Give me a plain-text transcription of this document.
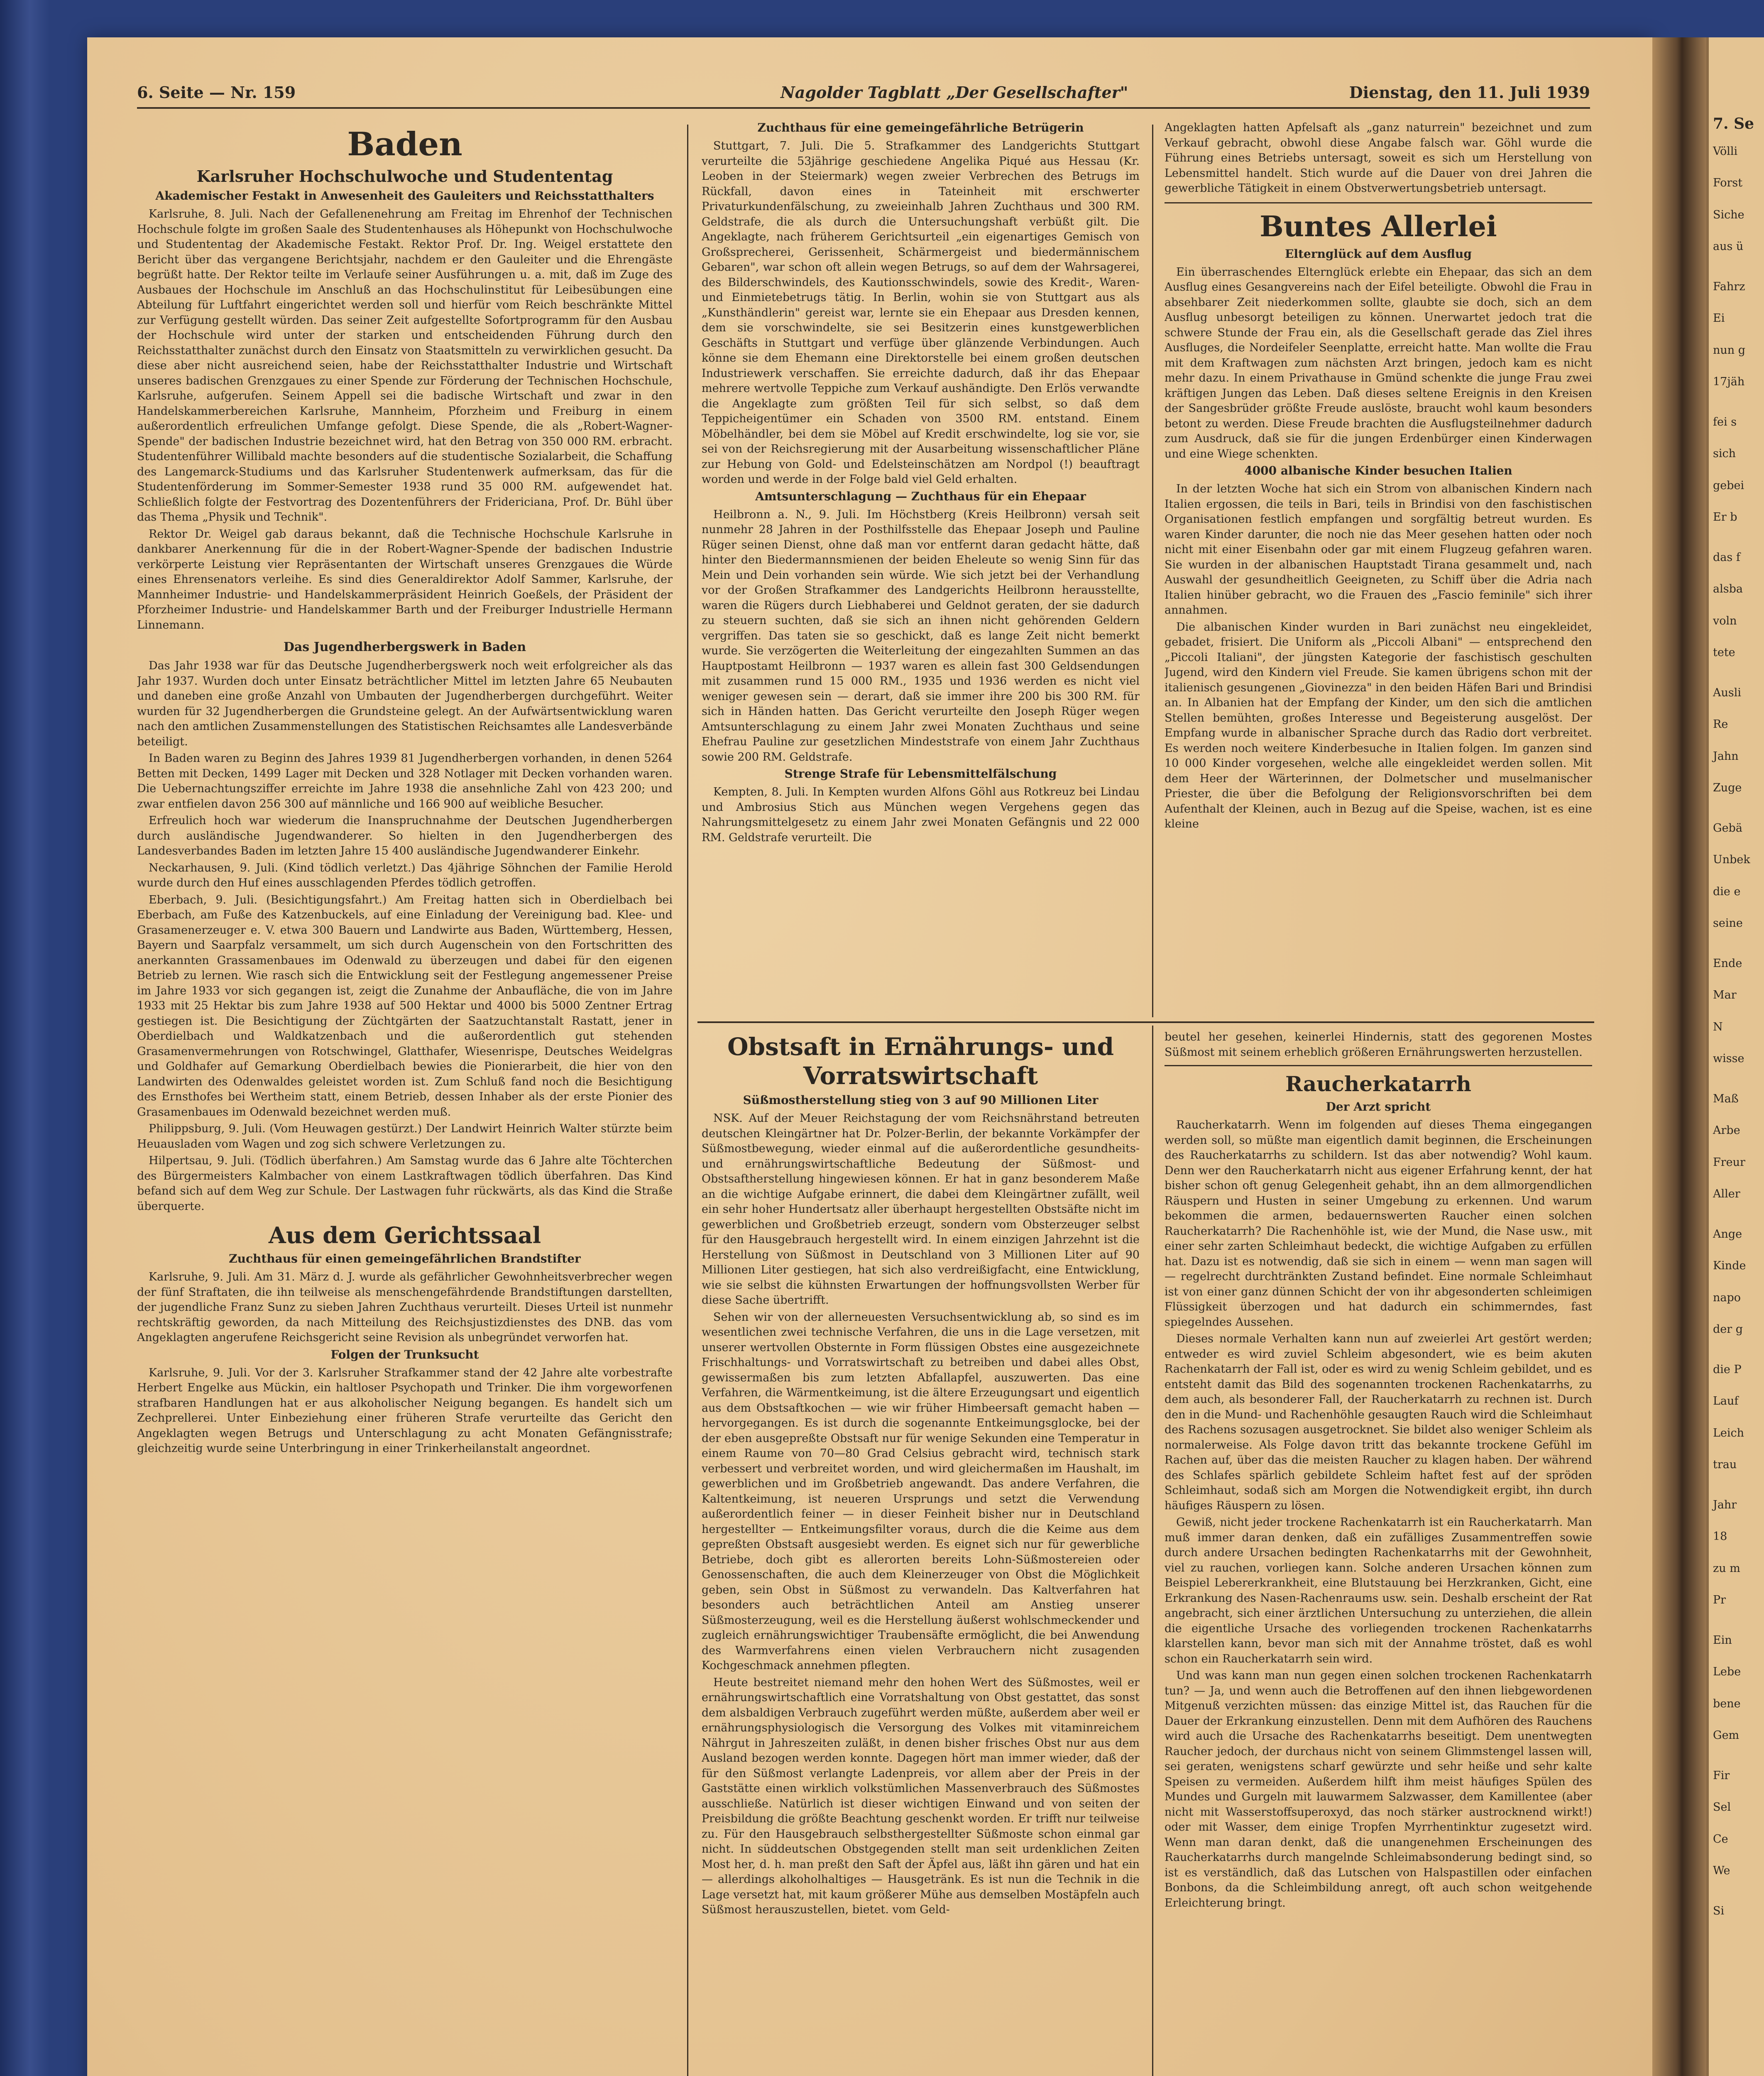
7. Se
Völli
Forst
Siche
aus ü
Fahrz
Ei
nun g
17jäh
fei s
sich
gebei
Er b
das f
alsba
voln
tete
Ausli
Re
Jahn
Zuge
Gebä
Unbek
die e
seine
Ende
Mar
N
wisse
Maß
Arbe
Freur
Aller
Ange
Kinde
napo
der g
die P
Lauf
Leich
trau
Jahr
18
zu m
Pr
Ein
Lebe
bene
Gem
Fir
Sel
Ce
We
Si
6. Seite — Nr. 159	Nagolder Tagblatt „Der Gesellschafter"	Dienstag, den 11. Juli 1939
Baden
Karlsruher Hochschulwoche und Studententag
Akademischer Festakt in Anwesenheit des Gauleiters und Reichsstatthalters

Karlsruhe, 8. Juli. Nach der Gefallenenehrung am Freitag im Ehrenhof der Technischen Hochschule folgte im großen Saale des Studentenhauses als Höhepunkt von Hochschulwoche und Studententag der Akademische Festakt. Rektor Prof. Dr. Ing. Weigel erstattete den Bericht über das vergangene Berichtsjahr, nachdem er den Gauleiter und die Ehrengäste begrüßt hatte. Der Rektor teilte im Verlaufe seiner Ausführungen u. a. mit, daß im Zuge des Ausbaues der Hochschule im Anschluß an das Hochschulinstitut für Leibesübungen eine Abteilung für Luftfahrt eingerichtet werden soll und hierfür vom Reich beschränkte Mittel zur Verfügung gestellt würden. Das seiner Zeit aufgestellte Sofortprogramm für den Ausbau der Hochschule wird unter der starken und entscheidenden Führung durch den Reichsstatthalter zunächst durch den Einsatz von Staatsmitteln zu verwirklichen gesucht. Da diese aber nicht ausreichend seien, habe der Reichsstatthalter Industrie und Wirtschaft unseres badischen Grenzgaues zu einer Spende zur Förderung der Technischen Hochschule, Karlsruhe, aufgerufen. Seinem Appell sei die badische Wirtschaft und zwar in den Handelskammerbereichen Karlsruhe, Mannheim, Pforzheim und Freiburg in einem außerordentlich erfreulichen Umfange gefolgt. Diese Spende, die als „Robert-Wagner-Spende" der badischen Industrie bezeichnet wird, hat den Betrag von 350 000 RM. erbracht. Studentenführer Willibald machte besonders auf die studentische Sozialarbeit, die Schaffung des Langemarck-Studiums und das Karlsruher Studentenwerk aufmerksam, das für die Studentenförderung im Sommer-Semester 1938 rund 35 000 RM. aufgewendet hat. Schließlich folgte der Festvortrag des Dozentenführers der Fridericiana, Prof. Dr. Bühl über das Thema „Physik und Technik".

Rektor Dr. Weigel gab daraus bekannt, daß die Technische Hochschule Karlsruhe in dankbarer Anerkennung für die in der Robert-Wagner-Spende der badischen Industrie verkörperte Leistung vier Repräsentanten der Wirtschaft unseres Grenzgaues die Würde eines Ehrensenators verleihe. Es sind dies Generaldirektor Adolf Sammer, Karlsruhe, der Mannheimer Industrie- und Handelskammerpräsident Heinrich Goeßels, der Präsident der Pforzheimer Industrie- und Handelskammer Barth und der Freiburger Industrielle Hermann Linnemann.

Das Jugendherbergswerk in Baden

Das Jahr 1938 war für das Deutsche Jugendherbergswerk noch weit erfolgreicher als das Jahr 1937. Wurden doch unter Einsatz beträchtlicher Mittel im letzten Jahre 65 Neubauten und daneben eine große Anzahl von Umbauten der Jugendherbergen durchgeführt. Weiter wurden für 32 Jugendherbergen die Grundsteine gelegt. An der Aufwärtsentwicklung waren nach den amtlichen Zusammenstellungen des Statistischen Reichsamtes alle Landesverbände beteiligt.

In Baden waren zu Beginn des Jahres 1939 81 Jugendherbergen vorhanden, in denen 5264 Betten mit Decken, 1499 Lager mit Decken und 328 Notlager mit Decken vorhanden waren. Die Uebernachtungsziffer erreichte im Jahre 1938 die ansehnliche Zahl von 423 200; und zwar entfielen davon 256 300 auf männliche und 166 900 auf weibliche Besucher.

Erfreulich hoch war wiederum die Inanspruchnahme der Deutschen Jugendherbergen durch ausländische Jugendwanderer. So hielten in den Jugendherbergen des Landesverbandes Baden im letzten Jahre 15 400 ausländische Jugendwanderer Einkehr.

Neckarhausen, 9. Juli. (Kind tödlich verletzt.) Das 4jährige Söhnchen der Familie Herold wurde durch den Huf eines ausschlagenden Pferdes tödlich getroffen.

Eberbach, 9. Juli. (Besichtigungsfahrt.) Am Freitag hatten sich in Oberdielbach bei Eberbach, am Fuße des Katzenbuckels, auf eine Einladung der Vereinigung bad. Klee- und Grasamenerzeuger e. V. etwa 300 Bauern und Landwirte aus Baden, Württemberg, Hessen, Bayern und Saarpfalz versammelt, um sich durch Augenschein von den Fortschritten des anerkannten Grassamenbaues im Odenwald zu überzeugen und dabei für den eigenen Betrieb zu lernen. Wie rasch sich die Entwicklung seit der Festlegung angemessener Preise im Jahre 1933 vor sich gegangen ist, zeigt die Zunahme der Anbaufläche, die von im Jahre 1933 mit 25 Hektar bis zum Jahre 1938 auf 500 Hektar und 4000 bis 5000 Zentner Ertrag gestiegen ist. Die Besichtigung der Züchtgärten der Saatzuchtanstalt Rastatt, jener in Oberdielbach und Waldkatzenbach und die außerordentlich gut stehenden Grasamenvermehrungen von Rotschwingel, Glatthafer, Wiesenrispe, Deutsches Weidelgras und Goldhafer auf Gemarkung Oberdielbach bewies die Pionierarbeit, die hier von den Landwirten des Odenwaldes geleistet worden ist. Zum Schluß fand noch die Besichtigung des Ernsthofes bei Wertheim statt, einem Betrieb, dessen Inhaber als der erste Pionier des Grasamenbaues im Odenwald bezeichnet werden muß.

Philippsburg, 9. Juli. (Vom Heuwagen gestürzt.) Der Landwirt Heinrich Walter stürzte beim Heuausladen vom Wagen und zog sich schwere Verletzungen zu.

Hilpertsau, 9. Juli. (Tödlich überfahren.) Am Samstag wurde das 6 Jahre alte Töchterchen des Bürgermeisters Kalmbacher von einem Lastkraftwagen tödlich überfahren. Das Kind befand sich auf dem Weg zur Schule. Der Lastwagen fuhr rückwärts, als das Kind die Straße überquerte.

Aus dem Gerichtssaal
Zuchthaus für einen gemeingefährlichen Brandstifter

Karlsruhe, 9. Juli. Am 31. März d. J. wurde als gefährlicher Gewohnheitsverbrecher wegen der fünf Straftaten, die ihn teilweise als menschengefährdende Brandstiftungen darstellten, der jugendliche Franz Sunz zu sieben Jahren Zuchthaus verurteilt. Dieses Urteil ist nunmehr rechtskräftig geworden, da nach Mitteilung des Reichsjustizdienstes des DNB. das vom Angeklagten angerufene Reichsgericht seine Revision als unbegründet verworfen hat.

Folgen der Trunksucht

Karlsruhe, 9. Juli. Vor der 3. Karlsruher Strafkammer stand der 42 Jahre alte vorbestrafte Herbert Engelke aus Mückin, ein haltloser Psychopath und Trinker. Die ihm vorgeworfenen strafbaren Handlungen hat er aus alkoholischer Neigung begangen. Es handelt sich um Zechprellerei. Unter Einbeziehung einer früheren Strafe verurteilte das Gericht den Angeklagten wegen Betrugs und Unterschlagung zu acht Monaten Gefängnisstrafe; gleichzeitig wurde seine Unterbringung in einer Trinkerheilanstalt angeordnet.

Zuchthaus für eine gemeingefährliche Betrügerin

Stuttgart, 7. Juli. Die 5. Strafkammer des Landgerichts Stuttgart verurteilte die 53jährige geschiedene Angelika Piqué aus Hessau (Kr. Leoben in der Steiermark) wegen zweier Verbrechen des Betrugs im Rückfall, davon eines in Tateinheit mit erschwerter Privaturkundenfälschung, zu zweieinhalb Jahren Zuchthaus und 300 RM. Geldstrafe, die als durch die Untersuchungshaft verbüßt gilt. Die Angeklagte, nach früherem Gerichtsurteil „ein eigenartiges Gemisch von Großsprecherei, Gerissenheit, Schärmergeist und biedermännischem Gebaren", war schon oft allein wegen Betrugs, so auf dem der Wahrsagerei, des Bilderschwindels, des Kautionsschwindels, sowie des Kredit-, Waren- und Einmietebetrugs tätig. In Berlin, wohin sie von Stuttgart aus als „Kunsthändlerin" gereist war, lernte sie ein Ehepaar aus Dresden kennen, dem sie vorschwindelte, sie sei Besitzerin eines kunstgewerblichen Geschäfts in Stuttgart und verfüge über glänzende Verbindungen. Auch könne sie dem Ehemann eine Direktorstelle bei einem großen deutschen Industriewerk verschaffen. Sie erreichte dadurch, daß ihr das Ehepaar mehrere wertvolle Teppiche zum Verkauf aushändigte. Den Erlös verwandte die Angeklagte zum größten Teil für sich selbst, so daß dem Teppicheigentümer ein Schaden von 3500 RM. entstand. Einem Möbelhändler, bei dem sie Möbel auf Kredit erschwindelte, log sie vor, sie sei von der Reichsregierung mit der Ausarbeitung wissenschaftlicher Pläne zur Hebung von Gold- und Edelsteinschätzen am Nordpol (!) beauftragt worden und werde in der Folge bald viel Geld erhalten.

Amtsunterschlagung — Zuchthaus für ein Ehepaar

Heilbronn a. N., 9. Juli. Im Höchstberg (Kreis Heilbronn) versah seit nunmehr 28 Jahren in der Posthilfsstelle das Ehepaar Joseph und Pauline Rüger seinen Dienst, ohne daß man vor entfernt daran gedacht hätte, daß hinter den Biedermannsmienen der beiden Eheleute so wenig Sinn für das Mein und Dein vorhanden sein würde. Wie sich jetzt bei der Verhandlung vor der Großen Strafkammer des Landgerichts Heilbronn herausstellte, waren die Rügers durch Liebhaberei und Geldnot geraten, der sie dadurch zu steuern suchten, daß sie sich an ihnen nicht gehörenden Geldern vergriffen. Das taten sie so geschickt, daß es lange Zeit nicht bemerkt wurde. Sie verzögerten die Weiterleitung der eingezahlten Summen an das Hauptpostamt Heilbronn — 1937 waren es allein fast 300 Geldsendungen mit zusammen rund 15 000 RM., 1935 und 1936 werden es nicht viel weniger gewesen sein — derart, daß sie immer ihre 200 bis 300 RM. für sich in Händen hatten. Das Gericht verurteilte den Joseph Rüger wegen Amtsunterschlagung zu einem Jahr zwei Monaten Zuchthaus und seine Ehefrau Pauline zur gesetzlichen Mindeststrafe von einem Jahr Zuchthaus sowie 200 RM. Geldstrafe.

Strenge Strafe für Lebensmittelfälschung

Kempten, 8. Juli. In Kempten wurden Alfons Göhl aus Rotkreuz bei Lindau und Ambrosius Stich aus München wegen Vergehens gegen das Nahrungsmittelgesetz zu einem Jahr zwei Monaten Gefängnis und 22 000 RM. Geldstrafe verurteilt. Die

Angeklagten hatten Apfelsaft als „ganz naturrein" bezeichnet und zum Verkauf gebracht, obwohl diese Angabe falsch war. Göhl wurde die Führung eines Betriebs untersagt, soweit es sich um Herstellung von Lebensmittel handelt. Stich wurde auf die Dauer von drei Jahren die gewerbliche Tätigkeit in einem Obstverwertungsbetrieb untersagt.

Buntes Allerlei
Elternglück auf dem Ausflug

Ein überraschendes Elternglück erlebte ein Ehepaar, das sich an dem Ausflug eines Gesangvereins nach der Eifel beteiligte. Obwohl die Frau in absehbarer Zeit niederkommen sollte, glaubte sie doch, sich an dem Ausflug unbesorgt beteiligen zu können. Unerwartet jedoch trat die schwere Stunde der Frau ein, als die Gesellschaft gerade das Ziel ihres Ausfluges, die Nordeifeler Seenplatte, erreicht hatte. Man wollte die Frau mit dem Kraftwagen zum nächsten Arzt bringen, jedoch kam es nicht mehr dazu. In einem Privathause in Gmünd schenkte die junge Frau zwei kräftigen Jungen das Leben. Daß dieses seltene Ereignis in den Kreisen der Sangesbrüder größte Freude auslöste, braucht wohl kaum besonders betont zu werden. Diese Freude brachten die Ausflugsteilnehmer dadurch zum Ausdruck, daß sie für die jungen Erdenbürger einen Kinderwagen und eine Wiege schenkten.

4000 albanische Kinder besuchen Italien

In der letzten Woche hat sich ein Strom von albanischen Kindern nach Italien ergossen, die teils in Bari, teils in Brindisi von den faschistischen Organisationen festlich empfangen und sorgfältig betreut wurden. Es waren Kinder darunter, die noch nie das Meer gesehen hatten oder noch nicht mit einer Eisenbahn oder gar mit einem Flugzeug gefahren waren. Sie wurden in der albanischen Hauptstadt Tirana gesammelt und, nach Auswahl der gesundheitlich Geeigneten, zu Schiff über die Adria nach Italien hinüber gebracht, wo die Frauen des „Fascio feminile" sich ihrer annahmen.

Die albanischen Kinder wurden in Bari zunächst neu eingekleidet, gebadet, frisiert. Die Uniform als „Piccoli Albani" — entsprechend den „Piccoli Italiani", der jüngsten Kategorie der faschistisch geschulten Jugend, wird den Kindern viel Freude. Sie kamen übrigens schon mit der italienisch gesungenen „Giovinezza" in den beiden Häfen Bari und Brindisi an. In Albanien hat der Empfang der Kinder, um den sich die amtlichen Stellen bemühten, großes Interesse und Begeisterung ausgelöst. Der Empfang wurde in albanischer Sprache durch das Radio dort verbreitet. Es werden noch weitere Kinderbesuche in Italien folgen. Im ganzen sind 10 000 Kinder vorgesehen, welche alle eingekleidet werden sollen. Mit dem Heer der Wärterinnen, der Dolmetscher und muselmanischer Priester, die über die Befolgung der Religionsvorschriften bei dem Aufenthalt der Kleinen, auch in Bezug auf die Speise, wachen, ist es eine kleine

Obstsaft in Ernährungs- und Vorratswirtschaft
Süßmostherstellung stieg von 3 auf 90 Millionen Liter

NSK. Auf der Meuer Reichstagung der vom Reichsnährstand betreuten deutschen Kleingärtner hat Dr. Polzer-Berlin, der bekannte Vorkämpfer der Süßmostbewegung, wieder einmal auf die außerordentliche gesundheits- und ernährungswirtschaftliche Bedeutung der Süßmost- und Obstsaftherstellung hingewiesen können. Er hat in ganz besonderem Maße an die wichtige Aufgabe erinnert, die dabei dem Kleingärtner zufällt, weil ein sehr hoher Hundertsatz aller überhaupt hergestellten Obstsäfte nicht im gewerblichen und Großbetrieb erzeugt, sondern vom Obsterzeuger selbst für den Hausgebrauch hergestellt wird. In einem einzigen Jahrzehnt ist die Herstellung von Süßmost in Deutschland von 3 Millionen Liter auf 90 Millionen Liter gestiegen, hat sich also verdreißigfacht, eine Entwicklung, wie sie selbst die kühnsten Erwartungen der hoffnungsvollsten Werber für diese Sache übertrifft.

Sehen wir von der allerneuesten Versuchsentwicklung ab, so sind es im wesentlichen zwei technische Verfahren, die uns in die Lage versetzen, mit unserer wertvollen Obsternte in Form flüssigen Obstes eine ausgezeichnete Frischhaltungs- und Vorratswirtschaft zu betreiben und dabei alles Obst, gewissermaßen bis zum letzten Abfallapfel, auszuwerten. Das eine Verfahren, die Wärmentkeimung, ist die ältere Erzeugungsart und eigentlich aus dem Obstsaftkochen — wie wir früher Himbeersaft gemacht haben — hervorgegangen. Es ist durch die sogenannte Entkeimungsglocke, bei der der eben ausgepreßte Obstsaft nur für wenige Sekunden eine Temperatur in einem Raume von 70—80 Grad Celsius gebracht wird, technisch stark verbessert und verbreitet worden, und wird gleichermaßen im Haushalt, im gewerblichen und im Großbetrieb angewandt. Das andere Verfahren, die Kaltentkeimung, ist neueren Ursprungs und setzt die Verwendung außerordentlich feiner — in dieser Feinheit bisher nur in Deutschland hergestellter — Entkeimungsfilter voraus, durch die die Keime aus dem gepreßten Obstsaft ausgesiebt werden. Es eignet sich nur für gewerbliche Betriebe, doch gibt es allerorten bereits Lohn-Süßmostereien oder Genossenschaften, die auch dem Kleinerzeuger von Obst die Möglichkeit geben, sein Obst in Süßmost zu verwandeln. Das Kaltverfahren hat besonders auch beträchtlichen Anteil am Anstieg unserer Süßmosterzeugung, weil es die Herstellung äußerst wohlschmeckender und zugleich ernährungswichtiger Traubensäfte ermöglicht, die bei Anwendung des Warmverfahrens einen vielen Verbrauchern nicht zusagenden Kochgeschmack annehmen pflegten.

Heute bestreitet niemand mehr den hohen Wert des Süßmostes, weil er ernährungswirtschaftlich eine Vorratshaltung von Obst gestattet, das sonst dem alsbaldigen Verbrauch zugeführt werden müßte, außerdem aber weil er ernährungsphysiologisch die Versorgung des Volkes mit vitaminreichem Nährgut in Jahreszeiten zuläßt, in denen bisher frisches Obst nur aus dem Ausland bezogen werden konnte. Dagegen hört man immer wieder, daß der für den Süßmost verlangte Ladenpreis, vor allem aber der Preis in der Gaststätte einen wirklich volkstümlichen Massenverbrauch des Süßmostes ausschließe. Natürlich ist dieser wichtigen Einwand und von seiten der Preisbildung die größte Beachtung geschenkt worden. Er trifft nur teilweise zu. Für den Hausgebrauch selbsthergestellter Süßmoste schon einmal gar nicht. In süddeutschen Obstgegenden stellt man seit urdenklichen Zeiten Most her, d. h. man preßt den Saft der Äpfel aus, läßt ihn gären und hat ein — allerdings alkoholhaltiges — Hausgetränk. Es ist nun die Technik in die Lage versetzt hat, mit kaum größerer Mühe aus demselben Mostäpfeln auch Süßmost herauszustellen, bietet. vom Geld-

beutel her gesehen, keinerlei Hindernis, statt des gegorenen Mostes Süßmost mit seinem erheblich größeren Ernährungswerten herzustellen.

Raucherkatarrh
Der Arzt spricht

Raucherkatarrh. Wenn im folgenden auf dieses Thema eingegangen werden soll, so müßte man eigentlich damit beginnen, die Erscheinungen des Raucherkatarrhs zu schildern. Ist das aber notwendig? Wohl kaum. Denn wer den Raucherkatarrh nicht aus eigener Erfahrung kennt, der hat bisher schon oft genug Gelegenheit gehabt, ihn an dem allmorgendlichen Räuspern und Husten in seiner Umgebung zu erkennen. Und warum bekommen die armen, bedauernswerten Raucher einen solchen Raucherkatarrh? Die Rachenhöhle ist, wie der Mund, die Nase usw., mit einer sehr zarten Schleimhaut bedeckt, die wichtige Aufgaben zu erfüllen hat. Dazu ist es notwendig, daß sie sich in einem — wenn man sagen will — regelrecht durchtränkten Zustand befindet. Eine normale Schleimhaut ist von einer ganz dünnen Schicht der von ihr abgesonderten schleimigen Flüssigkeit überzogen und hat dadurch ein schimmerndes, fast spiegelndes Aussehen.

Dieses normale Verhalten kann nun auf zweierlei Art gestört werden; entweder es wird zuviel Schleim abgesondert, wie es beim akuten Rachenkatarrh der Fall ist, oder es wird zu wenig Schleim gebildet, und es entsteht damit das Bild des sogenannten trockenen Rachenkatarrhs, zu dem auch, als besonderer Fall, der Raucherkatarrh zu rechnen ist. Durch den in die Mund- und Rachenhöhle gesaugten Rauch wird die Schleimhaut des Rachens sozusagen ausgetrocknet. Sie bildet also weniger Schleim als normalerweise. Als Folge davon tritt das bekannte trockene Gefühl im Rachen auf, über das die meisten Raucher zu klagen haben. Der während des Schlafes spärlich gebildete Schleim haftet fest auf der spröden Schleimhaut, sodaß sich am Morgen die Notwendigkeit ergibt, ihn durch häufiges Räuspern zu lösen.

Gewiß, nicht jeder trockene Rachenkatarrh ist ein Raucherkatarrh. Man muß immer daran denken, daß ein zufälliges Zusammentreffen sowie durch andere Ursachen bedingten Rachenkatarrhs mit der Gewohnheit, viel zu rauchen, vorliegen kann. Solche anderen Ursachen können zum Beispiel Lebererkrankheit, eine Blutstauung bei Herzkranken, Gicht, eine Erkrankung des Nasen-Rachenraums usw. sein. Deshalb erscheint der Rat angebracht, sich einer ärztlichen Untersuchung zu unterziehen, die allein die eigentliche Ursache des vorliegenden trockenen Rachenkatarrhs klarstellen kann, bevor man sich mit der Annahme tröstet, daß es wohl schon ein Raucherkatarrh sein wird.

Und was kann man nun gegen einen solchen trockenen Rachenkatarrh tun? — Ja, und wenn auch die Betroffenen auf den ihnen liebgewordenen Mitgenuß verzichten müssen: das einzige Mittel ist, das Rauchen für die Dauer der Erkrankung einzustellen. Denn mit dem Aufhören des Rauchens wird auch die Ursache des Rachenkatarrhs beseitigt. Dem unentwegten Raucher jedoch, der durchaus nicht von seinem Glimmstengel lassen will, sei geraten, wenigstens scharf gewürzte und sehr heiße und sehr kalte Speisen zu vermeiden. Außerdem hilft ihm meist häufiges Spülen des Mundes und Gurgeln mit lauwarmem Salzwasser, dem Kamillentee (aber nicht mit Wasserstoffsuperoxyd, das noch stärker austrocknend wirkt!) oder mit Wasser, dem einige Tropfen Myrrhentinktur zugesetzt wird. Wenn man daran denkt, daß die unangenehmen Erscheinungen des Raucherkatarrhs durch mangelnde Schleimabsonderung bedingt sind, so ist es verständlich, daß das Lutschen von Halspastillen oder einfachen Bonbons, da die Schleimbildung anregt, oft auch schon weitgehende Erleichterung bringt.
